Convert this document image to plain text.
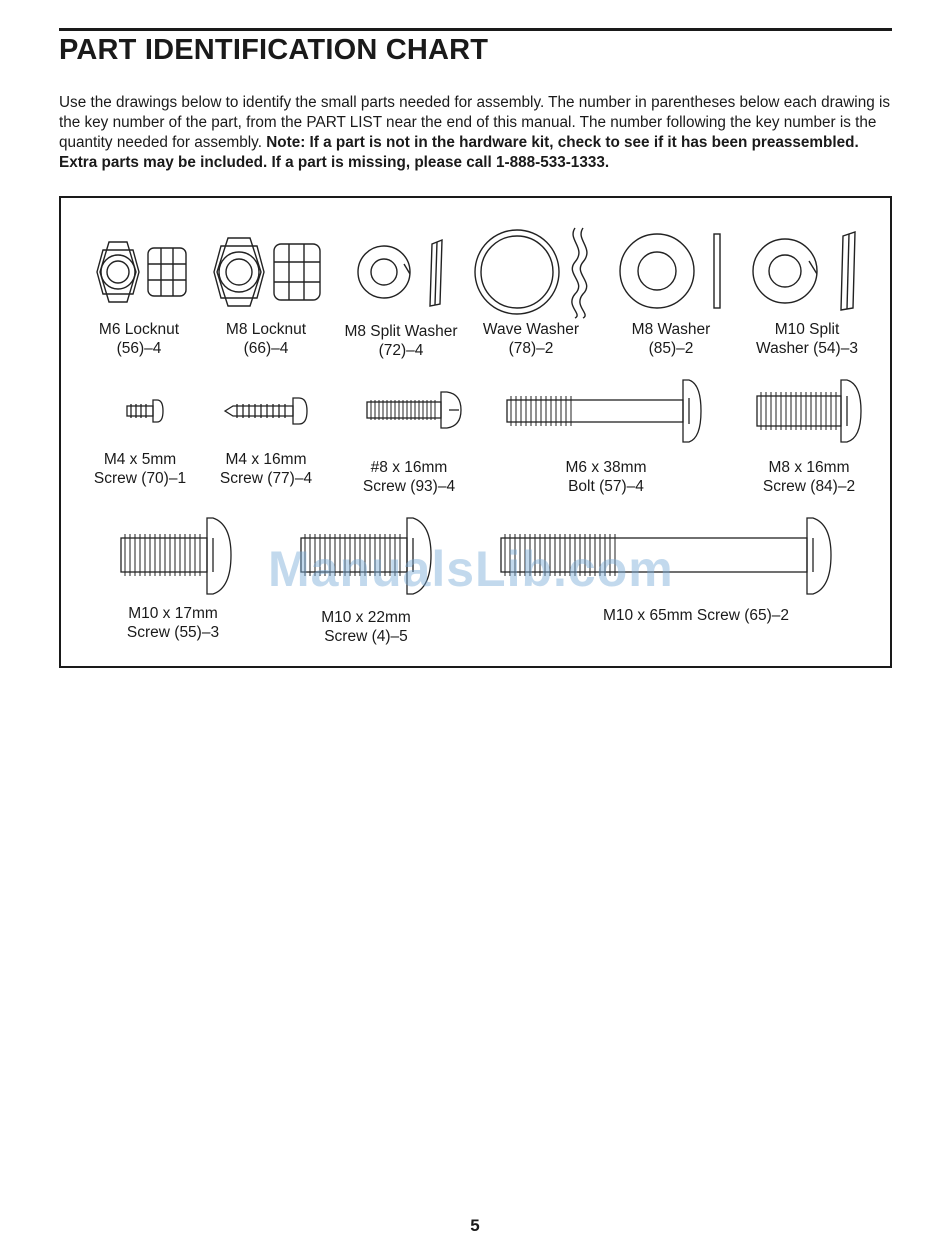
PART IDENTIFICATION CHART

Use the drawings below to identify the small parts needed for assembly. The number in parentheses below each drawing is the key number of the part, from the PART LIST near the end of this manual. The number following the key number is the quantity needed for assembly. Note: If a part is not in the hardware kit, check to see if it has been preassembled. Extra parts may be included. If a part is missing, please call 1-888-533-1333.

M6 Locknut
(56)–4
M8 Locknut
(66)–4
M8 Split Washer
(72)–4
Wave Washer
(78)–2
M8 Washer
(85)–2
M10 Split
Washer (54)–3
M4 x 5mm
Screw (70)–1
M4 x 16mm
Screw (77)–4
#8 x 16mm
Screw (93)–4
M6 x 38mm
Bolt (57)–4
M8 x 16mm
Screw (84)–2
M10 x 17mm
Screw (55)–3
M10 x 22mm
Screw (4)–5
M10 x 65mm Screw (65)–2
ManualsLib.com
5
